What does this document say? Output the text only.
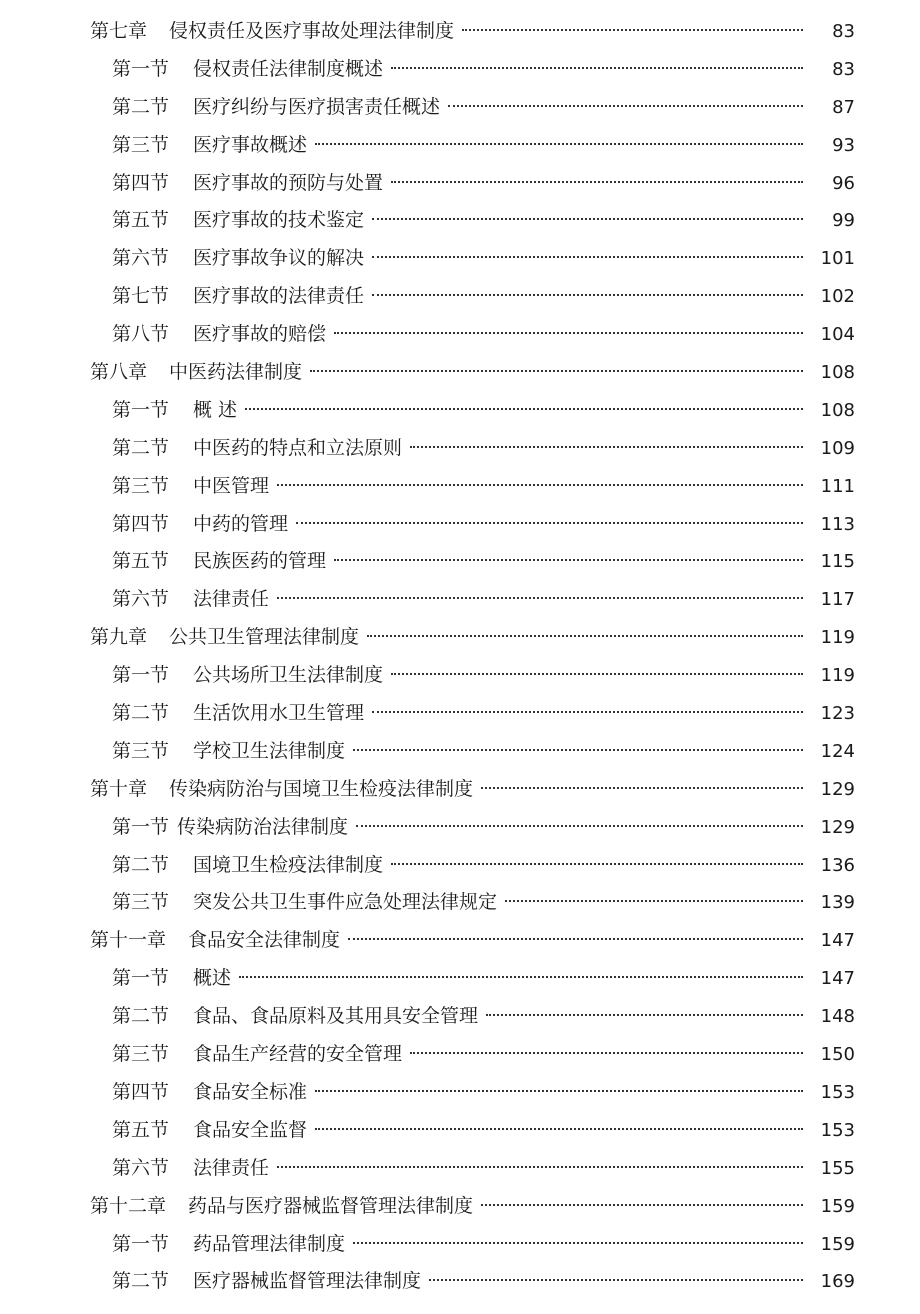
第七章 侵权责任及医疗事故处理法律制度	83
第一节 侵权责任法律制度概述	83
第二节 医疗纠纷与医疗损害责任概述	87
第三节 医疗事故概述	93
第四节 医疗事故的预防与处置	96
第五节 医疗事故的技术鉴定	99
第六节 医疗事故争议的解决	101
第七节 医疗事故的法律责任	102
第八节 医疗事故的赔偿	104
第八章 中医药法律制度	108
第一节 概 述	108
第二节 中医药的特点和立法原则	109
第三节 中医管理	111
第四节 中药的管理	113
第五节 民族医药的管理	115
第六节 法律责任	117
第九章 公共卫生管理法律制度	119
第一节 公共场所卫生法律制度	119
第二节 生活饮用水卫生管理	123
第三节 学校卫生法律制度	124
第十章 传染病防治与国境卫生检疫法律制度	129
第一节 传染病防治法律制度	129
第二节 国境卫生检疫法律制度	136
第三节 突发公共卫生事件应急处理法律规定	139
第十一章 食品安全法律制度	147
第一节 概述	147
第二节 食品、食品原料及其用具安全管理	148
第三节 食品生产经营的安全管理	150
第四节 食品安全标准	153
第五节 食品安全监督	153
第六节 法律责任	155
第十二章 药品与医疗器械监督管理法律制度	159
第一节 药品管理法律制度	159
第二节 医疗器械监督管理法律制度	169
